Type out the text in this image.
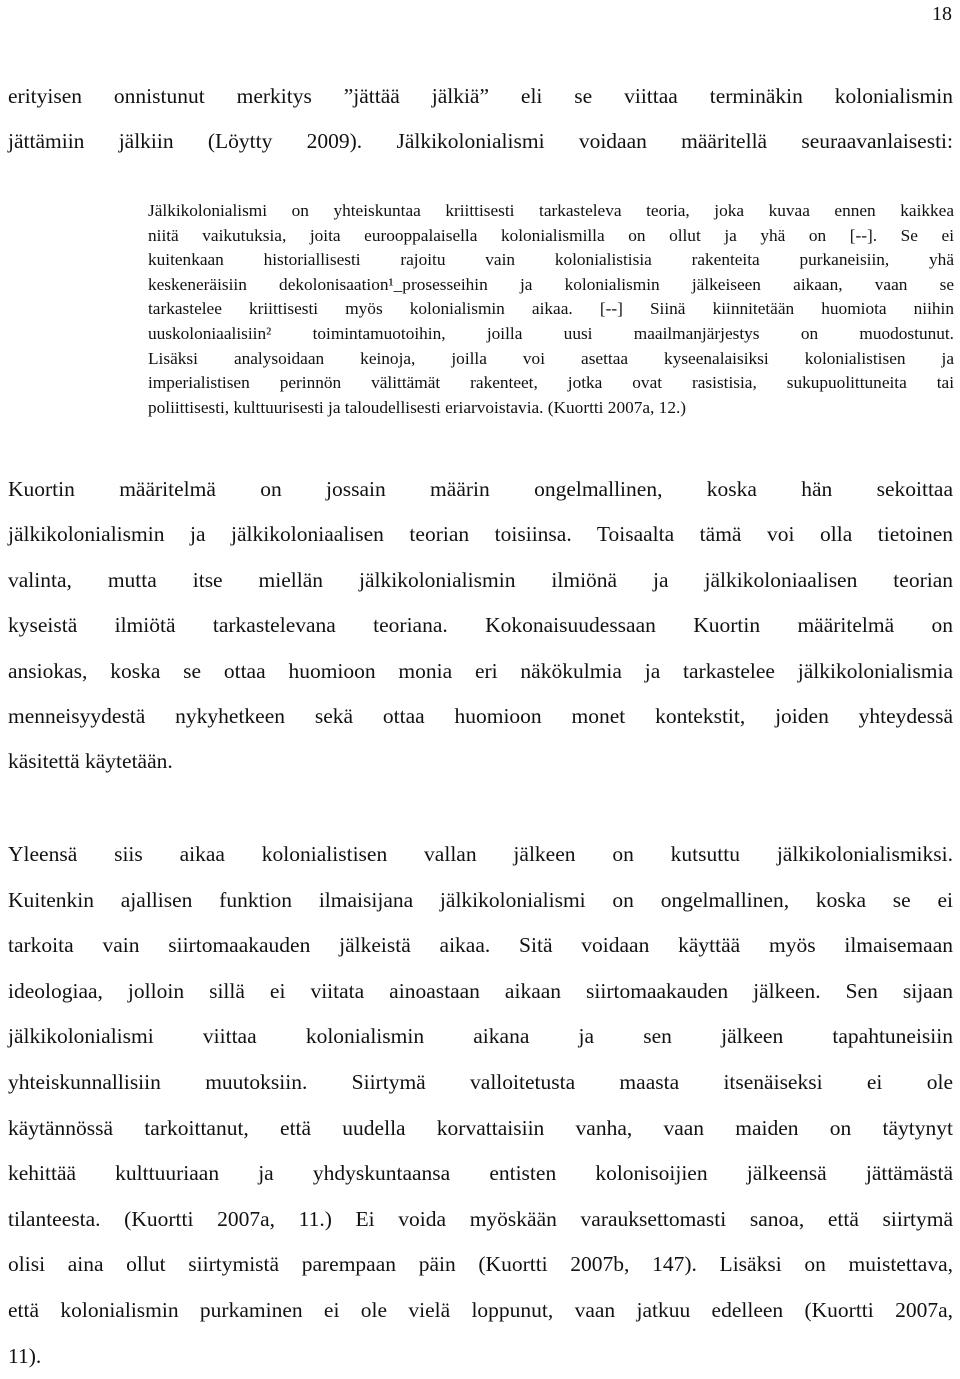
18
erityisen onnistunut merkitys ”jättää jälkiä” eli se viittaa terminäkin kolonialismin
jättämiin jälkiin (Löytty 2009). Jälkikolonialismi voidaan määritellä seuraavanlaisesti:
Jälkikolonialismi on yhteiskuntaa kriittisesti tarkasteleva teoria, joka kuvaa ennen kaikkea
niitä vaikutuksia, joita eurooppalaisella kolonialismilla on ollut ja yhä on [--]. Se ei
kuitenkaan historiallisesti rajoitu vain kolonialistisia rakenteita purkaneisiin, yhä
keskeneräisiin dekolonisaation¹_prosesseihin ja kolonialismin jälkeiseen aikaan, vaan se
tarkastelee kriittisesti myös kolonialismin aikaa. [--] Siinä kiinnitetään huomiota niihin
uuskoloniaalisiin² toimintamuotoihin, joilla uusi maailmanjärjestys on muodostunut.
Lisäksi analysoidaan keinoja, joilla voi asettaa kyseenalaisiksi kolonialistisen ja
imperialistisen perinnön välittämät rakenteet, jotka ovat rasistisia, sukupuolittuneita tai
poliittisesti, kulttuurisesti ja taloudellisesti eriarvoistavia. (Kuortti 2007a, 12.)
Kuortin määritelmä on jossain määrin ongelmallinen, koska hän sekoittaa
jälkikolonialismin ja jälkikoloniaalisen teorian toisiinsa. Toisaalta tämä voi olla tietoinen
valinta, mutta itse miellän jälkikolonialismin ilmiönä ja jälkikoloniaalisen teorian
kyseistä ilmiötä tarkastelevana teoriana. Kokonaisuudessaan Kuortin määritelmä on
ansiokas, koska se ottaa huomioon monia eri näkökulmia ja tarkastelee jälkikolonialismia
menneisyydestä nykyhetkeen sekä ottaa huomioon monet kontekstit, joiden yhteydessä
käsitettä käytetään.
Yleensä siis aikaa kolonialistisen vallan jälkeen on kutsuttu jälkikolonialismiksi.
Kuitenkin ajallisen funktion ilmaisijana jälkikolonialismi on ongelmallinen, koska se ei
tarkoita vain siirtomaakauden jälkeistä aikaa. Sitä voidaan käyttää myös ilmaisemaan
ideologiaa, jolloin sillä ei viitata ainoastaan aikaan siirtomaakauden jälkeen. Sen sijaan
jälkikolonialismi viittaa kolonialismin aikana ja sen jälkeen tapahtuneisiin
yhteiskunnallisiin muutoksiin. Siirtymä valloitetusta maasta itsenäiseksi ei ole
käytännössä tarkoittanut, että uudella korvattaisiin vanha, vaan maiden on täytynyt
kehittää kulttuuriaan ja yhdyskuntaansa entisten kolonisoijien jälkeensä jättämästä
tilanteesta. (Kuortti 2007a, 11.) Ei voida myöskään varauksettomasti sanoa, että siirtymä
olisi aina ollut siirtymistä parempaan päin (Kuortti 2007b, 147). Lisäksi on muistettava,
että kolonialismin purkaminen ei ole vielä loppunut, vaan jatkuu edelleen (Kuortti 2007a,
11).
